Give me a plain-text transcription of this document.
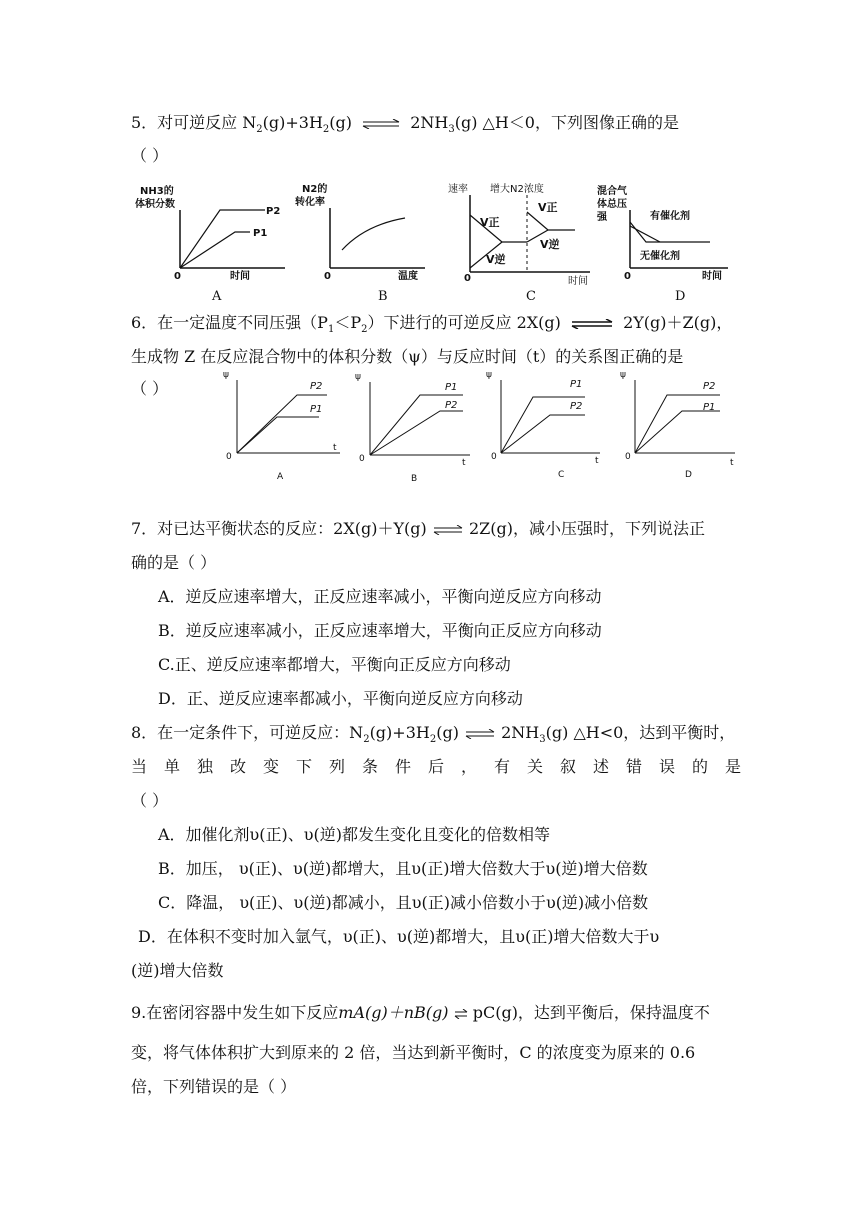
5．对可逆反应 $N_2(g)+3H_2(g)$ ⇌ $2NH_3(g)$ △H＜0，下列图像正确的是
（ ）
NH3的
体积分数
P2
P1
0	时间
A
N2的
转化率
0	温度
B
速率 增大N2浓度
V正
V逆
V正
V逆
0	时间
C
混合气
体总压
强	有催化剂
无催化剂
0	时间
D
6．在一定温度不同压强$(P_1<P_2)$下进行的可逆反应 2X(g) ⇌ 2Y(g)＋Z(g)，
生成物 Z 在反应混合物中的体积分数（ψ）与反应时间（t）的关系图正确的是
（ ）
ψ
P2
P1
0
t
A
ψ
P1
P2
0	t
B
ψ
P1
P2
0	t
C
ψ
P2
P1
0
t
D
7．对已达平衡状态的反应：2X(g)＋Y(g) ⇌ 2Z(g)，减小压强时，下列说法正
确的是（ ）
A．逆反应速率增大，正反应速率减小，平衡向逆反应方向移动
B．逆反应速率减小，正反应速率增大，平衡向正反应方向移动
C.正、逆反应速率都增大，平衡向正反应方向移动
D．正、逆反应速率都减小，平衡向逆反应方向移动
8．在一定条件下，可逆反应：$N_2(g)+3H_2(g)$ ⇌ $2NH_3(g)$ △H<0，达到平衡时，
当单独改变下列条件后，有关叙述错误的是
（ ）
A．加催化剂υ(正)、υ(逆)都发生变化且变化的倍数相等
B．加压， υ(正)、υ(逆)都增大，且υ(正)增大倍数大于υ(逆)增大倍数
C．降温， υ(正)、υ(逆)都减小，且υ(正)减小倍数小于υ(逆)减小倍数
D．在体积不变时加入氩气，υ(正)、υ(逆)都增大，且υ(正)增大倍数大于υ
(逆)增大倍数
9.在密闭容器中发生如下反应mA(g)＋nB(g) ⇌ pC(g)，达到平衡后，保持温度不
变，将气体体积扩大到原来的 2 倍，当达到新平衡时，C 的浓度变为原来的 0.6
倍，下列错误的是（ ）
